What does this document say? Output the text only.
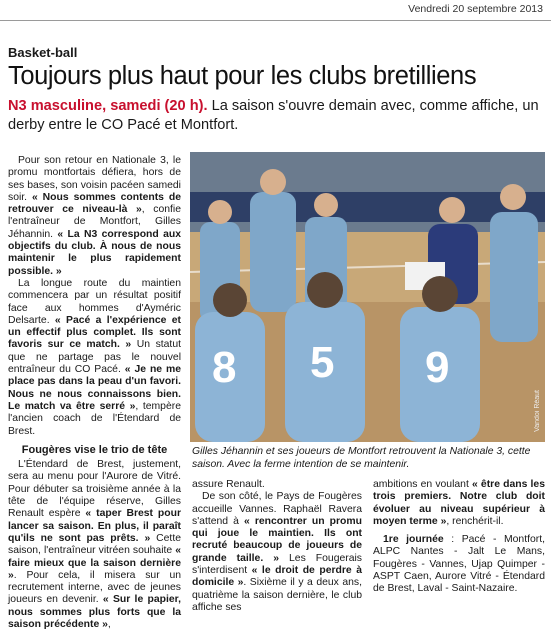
Vendredi 20 septembre 2013
Basket-ball
Toujours plus haut pour les clubs bretilliens
N3 masculine, samedi (20 h). La saison s'ouvre demain avec, comme affiche, un derby entre le CO Pacé et Montfort.

Pour son retour en Nationale 3, le promu montfortais défiera, hors de ses bases, son voisin pacéen samedi soir. « Nous sommes contents de retrouver ce niveau-là », confie l'entraîneur de Montfort, Gilles Jéhannin. « La N3 correspond aux objectifs du club. À nous de nous maintenir le plus rapidement possible. »

La longue route du maintien commencera par un résultat positif face aux hommes d'Ayméric Delsarte. « Pacé a l'expérience et un effectif plus complet. Ils sont favoris sur ce match. » Un statut que ne partage pas le nouvel entraîneur du CO Pacé. « Je ne me place pas dans la peau d'un favori. Nous ne nous connaissons bien. Le match va être serré », tempère l'ancien coach de l'Étendard de Brest.

Fougères vise le trio de tête

L'Étendard de Brest, justement, sera au menu pour l'Aurore de Vitré. Pour débuter sa troisième année à la tête de l'équipe réserve, Gilles Renault espère « taper Brest pour lancer sa saison. En plus, il paraît qu'ils ne sont pas prêts. » Cette saison, l'entraîneur vitréen souhaite « faire mieux que la saison dernière ». Pour cela, il misera sur un recrutement interne, avec de jeunes joueurs en devenir. « Sur le papier, nous sommes plus forts que la saison précédente »,

8 5 9
Vandoi Réaut
Gilles Jéhannin et ses joueurs de Montfort retrouvent la Nationale 3, cette saison. Avec la ferme intention de se maintenir.

assure Renault.

De son côté, le Pays de Fougères accueille Vannes. Raphaël Ravera s'attend à « rencontrer un promu qui joue le maintien. Ils ont recruté beaucoup de joueurs de grande taille. » Les Fougerais s'interdisent « le droit de perdre à domicile ». Sixième il y a deux ans, quatrième la saison dernière, le club affiche ses

ambitions en voulant « être dans les trois premiers. Notre club doit évoluer au niveau supérieur à moyen terme », renchérit-il.

1re journée : Pacé - Montfort, ALPC Nantes - Jalt Le Mans, Fougères - Vannes, Ujap Quimper - ASPT Caen, Aurore Vitré - Étendard de Brest, Laval - Saint-Nazaire.
